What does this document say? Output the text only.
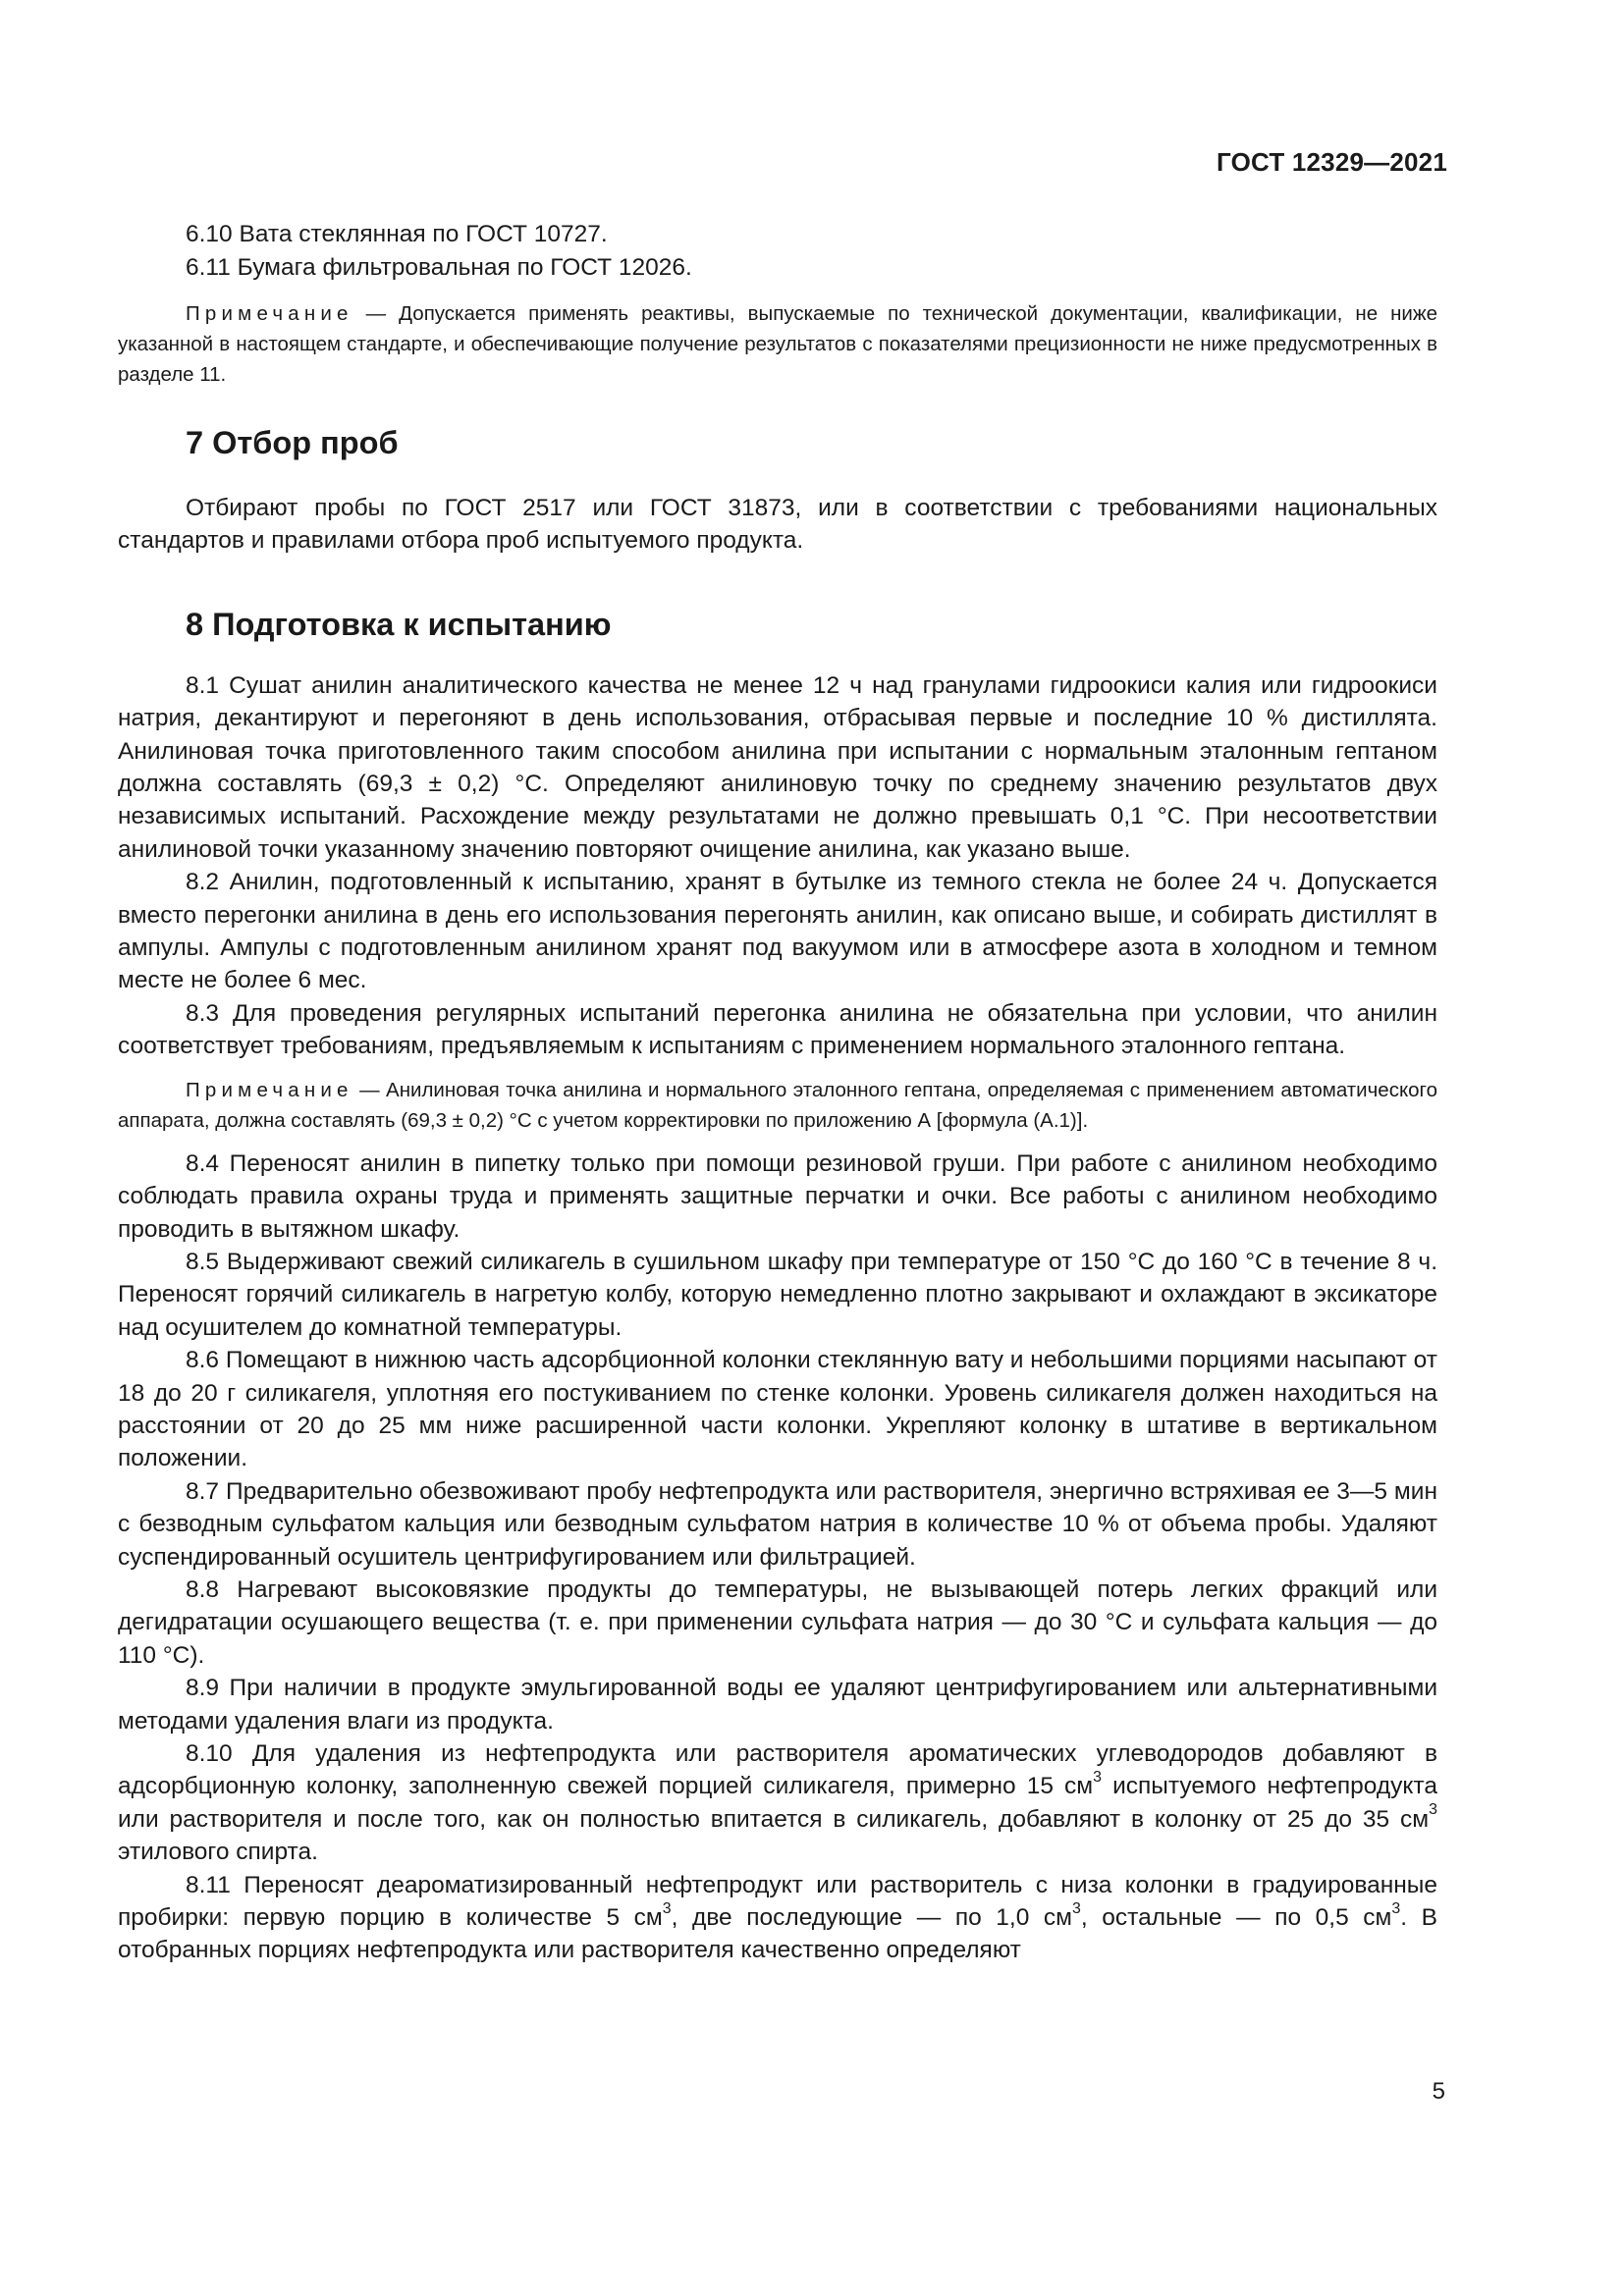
ГОСТ 12329—2021

6.10 Вата стеклянная по ГОСТ 10727.

6.11 Бумага фильтровальная по ГОСТ 12026.

Примечание — Допускается применять реактивы, выпускаемые по технической документации, квалификации, не ниже указанной в настоящем стандарте, и обеспечивающие получение результатов с показателями прецизионности не ниже предусмотренных в разделе 11.

7 Отбор проб

Отбирают пробы по ГОСТ 2517 или ГОСТ 31873, или в соответствии с требованиями национальных стандартов и правилами отбора проб испытуемого продукта.

8 Подготовка к испытанию

8.1 Сушат анилин аналитического качества не менее 12 ч над гранулами гидроокиси калия или гидроокиси натрия, декантируют и перегоняют в день использования, отбрасывая первые и последние 10 % дистиллята. Анилиновая точка приготовленного таким способом анилина при испытании с нормальным эталонным гептаном должна составлять (69,3 ± 0,2) °С. Определяют анилиновую точку по среднему значению результатов двух независимых испытаний. Расхождение между результатами не должно превышать 0,1 °С. При несоответствии анилиновой точки указанному значению повторяют очищение анилина, как указано выше.

8.2 Анилин, подготовленный к испытанию, хранят в бутылке из темного стекла не более 24 ч. Допускается вместо перегонки анилина в день его использования перегонять анилин, как описано выше, и собирать дистиллят в ампулы. Ампулы с подготовленным анилином хранят под вакуумом или в атмосфере азота в холодном и темном месте не более 6 мес.

8.3 Для проведения регулярных испытаний перегонка анилина не обязательна при условии, что анилин соответствует требованиям, предъявляемым к испытаниям с применением нормального эталонного гептана.

Примечание — Анилиновая точка анилина и нормального эталонного гептана, определяемая с применением автоматического аппарата, должна составлять (69,3 ± 0,2) °С с учетом корректировки по приложению А [формула (А.1)].

8.4 Переносят анилин в пипетку только при помощи резиновой груши. При работе с анилином необходимо соблюдать правила охраны труда и применять защитные перчатки и очки. Все работы с анилином необходимо проводить в вытяжном шкафу.

8.5 Выдерживают свежий силикагель в сушильном шкафу при температуре от 150 °С до 160 °С в течение 8 ч. Переносят горячий силикагель в нагретую колбу, которую немедленно плотно закрывают и охлаждают в эксикаторе над осушителем до комнатной температуры.

8.6 Помещают в нижнюю часть адсорбционной колонки стеклянную вату и небольшими порциями насыпают от 18 до 20 г силикагеля, уплотняя его постукиванием по стенке колонки. Уровень силикагеля должен находиться на расстоянии от 20 до 25 мм ниже расширенной части колонки. Укрепляют колонку в штативе в вертикальном положении.

8.7 Предварительно обезвоживают пробу нефтепродукта или растворителя, энергично встряхивая ее 3—5 мин с безводным сульфатом кальция или безводным сульфатом натрия в количестве 10 % от объема пробы. Удаляют суспендированный осушитель центрифугированием или фильтрацией.

8.8 Нагревают высоковязкие продукты до температуры, не вызывающей потерь легких фракций или дегидратации осушающего вещества (т. е. при применении сульфата натрия — до 30 °С и сульфата кальция — до 110 °С).

8.9 При наличии в продукте эмульгированной воды ее удаляют центрифугированием или альтернативными методами удаления влаги из продукта.

8.10 Для удаления из нефтепродукта или растворителя ароматических углеводородов добавляют в адсорбционную колонку, заполненную свежей порцией силикагеля, примерно 15 $см^3$ испытуемого нефтепродукта или растворителя и после того, как он полностью впитается в силикагель, добавляют в колонку от 25 до 35 $см^3$ этилового спирта.

8.11 Переносят деароматизированный нефтепродукт или растворитель с низа колонки в градуированные пробирки: первую порцию в количестве 5 $см^3$, две последующие — по 1,0 $см^3$, остальные — по 0,5 $см^3$. В отобранных порциях нефтепродукта или растворителя качественно определяют

5
